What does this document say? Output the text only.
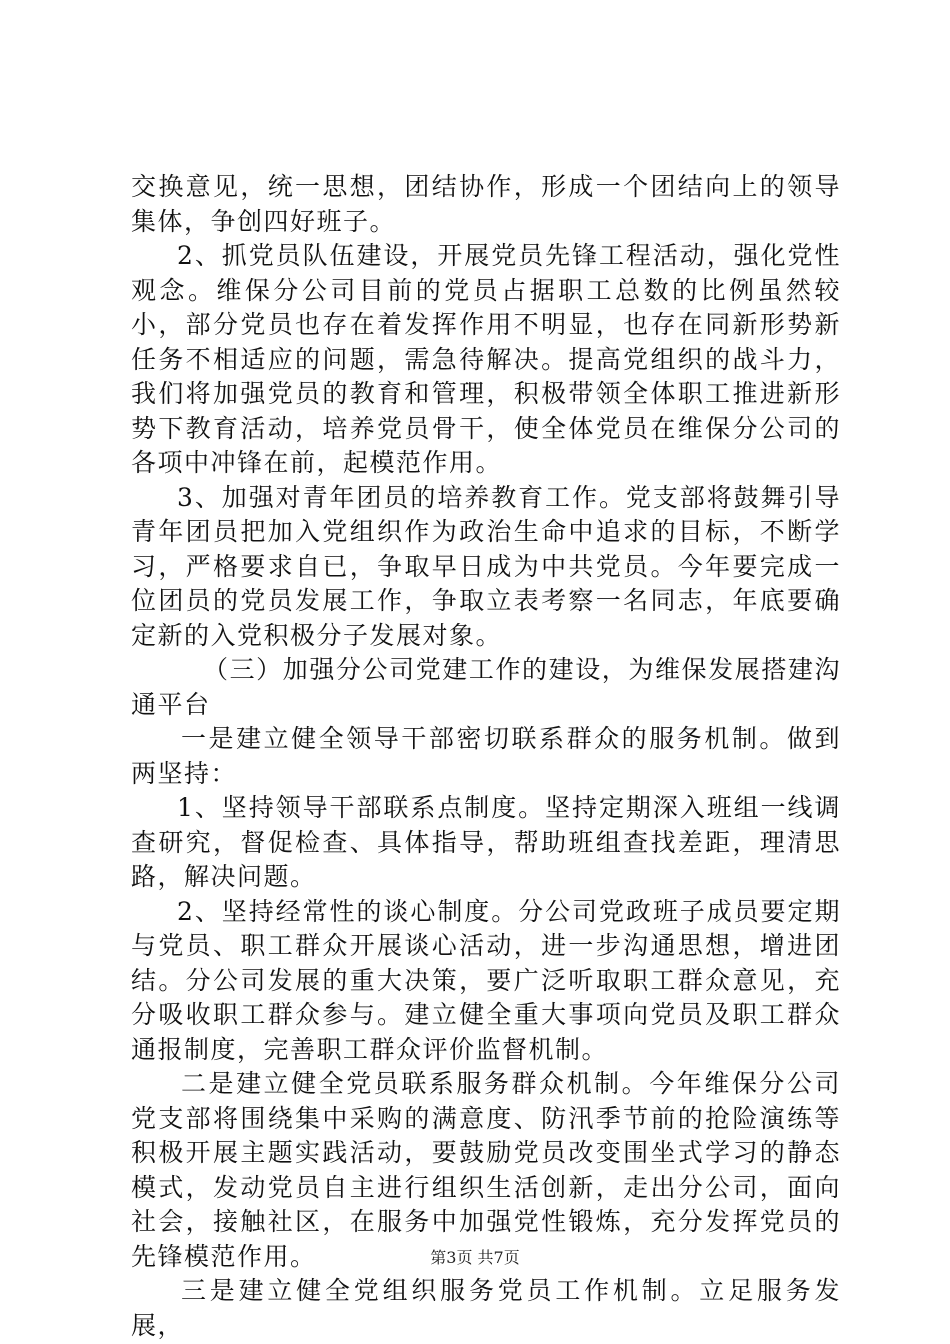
交换意见，统一思想，团结协作，形成一个团结向上的领导集体，争创四好班子。

2、抓党员队伍建设，开展党员先锋工程活动，强化党性观念。维保分公司目前的党员占据职工总数的比例虽然较小，部分党员也存在着发挥作用不明显，也存在同新形势新任务不相适应的问题，需急待解决。提高党组织的战斗力，我们将加强党员的教育和管理，积极带领全体职工推进新形势下教育活动，培养党员骨干，使全体党员在维保分公司的各项中冲锋在前，起模范作用。

3、加强对青年团员的培养教育工作。党支部将鼓舞引导青年团员把加入党组织作为政治生命中追求的目标，不断学习，严格要求自已，争取早日成为中共党员。今年要完成一位团员的党员发展工作，争取立表考察一名同志，年底要确定新的入党积极分子发展对象。

（三）加强分公司党建工作的建设，为维保发展搭建沟通平台

一是建立健全领导干部密切联系群众的服务机制。做到两坚持：

1、坚持领导干部联系点制度。坚持定期深入班组一线调查研究，督促检查、具体指导，帮助班组查找差距，理清思路，解决问题。

2、坚持经常性的谈心制度。分公司党政班子成员要定期与党员、职工群众开展谈心活动，进一步沟通思想，增进团结。分公司发展的重大决策，要广泛听取职工群众意见，充分吸收职工群众参与。建立健全重大事项向党员及职工群众通报制度，完善职工群众评价监督机制。

二是建立健全党员联系服务群众机制。今年维保分公司党支部将围绕集中采购的满意度、防汛季节前的抢险演练等积极开展主题实践活动，要鼓励党员改变围坐式学习的静态模式，发动党员自主进行组织生活创新，走出分公司，面向社会，接触社区，在服务中加强党性锻炼，充分发挥党员的先锋模范作用。

三是建立健全党组织服务党员工作机制。立足服务发展，

第3页 共7页
